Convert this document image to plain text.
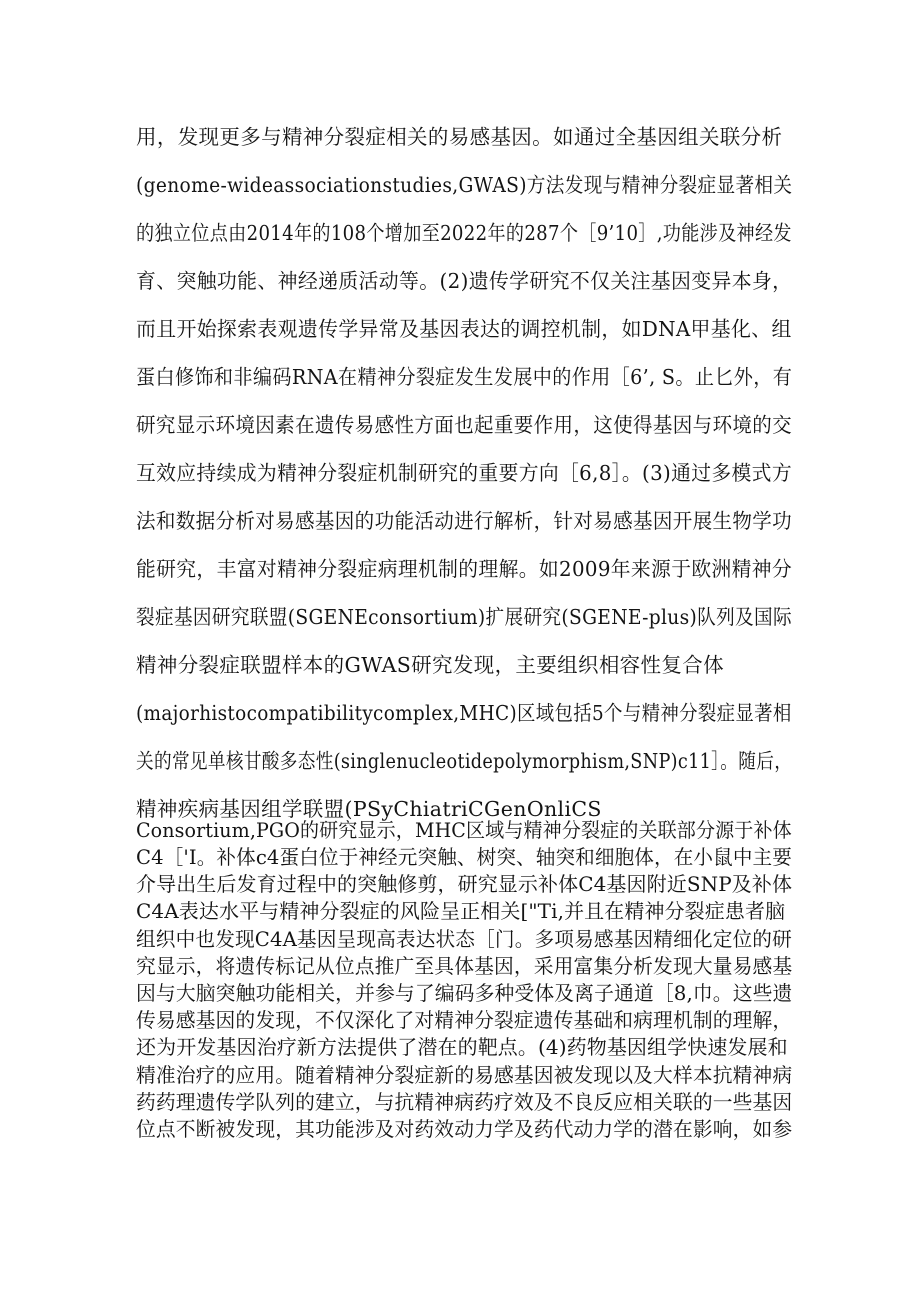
用，发现更多与精神分裂症相关的易感基因。如通过全基因组关联分析
(genome-wideassociationstudies,GWAS)方法发现与精神分裂症显著相关
的独立位点由2014年的108个增加至2022年的287个［9’10］,功能涉及神经发
育、突触功能、神经递质活动等。(2)遗传学研究不仅关注基因变异本身，
而且开始探索表观遗传学异常及基因表达的调控机制，如DNA甲基化、组
蛋白修饰和非编码RNA在精神分裂症发生发展中的作用［6’, S。止匕外，有
研究显示环境因素在遗传易感性方面也起重要作用，这使得基因与环境的交
互效应持续成为精神分裂症机制研究的重要方向［6,8］。(3)通过多模式方
法和数据分析对易感基因的功能活动进行解析，针对易感基因开展生物学功
能研究，丰富对精神分裂症病理机制的理解。如2009年来源于欧洲精神分
裂症基因研究联盟(SGENEconsortium)扩展研究(SGENE-plus)队列及国际
精神分裂症联盟样本的GWAS研究发现，主要组织相容性复合体
(majorhistocompatibilitycomplex,MHC)区域包括5个与精神分裂症显著相
关的常见单核甘酸多态性(singlenucleotidepolymorphism,SNP)c11］。随后，
精神疾病基因组学联盟(PSyChiatriCGenOnliCS
Consortium,PGO的研究显示，MHC区域与精神分裂症的关联部分源于补体
C4［'I。补体c4蛋白位于神经元突触、树突、轴突和细胞体，在小鼠中主要
介导出生后发育过程中的突触修剪，研究显示补体C4基因附近SNP及补体
C4A表达水平与精神分裂症的风险呈正相关["Ti,并且在精神分裂症患者脑
组织中也发现C4A基因呈现高表达状态［门。多项易感基因精细化定位的研
究显示，将遗传标记从位点推广至具体基因，采用富集分析发现大量易感基
因与大脑突触功能相关，并参与了编码多种受体及离子通道［8,巾。这些遗
传易感基因的发现，不仅深化了对精神分裂症遗传基础和病理机制的理解，
还为开发基因治疗新方法提供了潜在的靶点。(4)药物基因组学快速发展和
精准治疗的应用。随着精神分裂症新的易感基因被发现以及大样本抗精神病
药药理遗传学队列的建立，与抗精神病药疗效及不良反应相关联的一些基因
位点不断被发现，其功能涉及对药效动力学及药代动力学的潜在影响，如参
